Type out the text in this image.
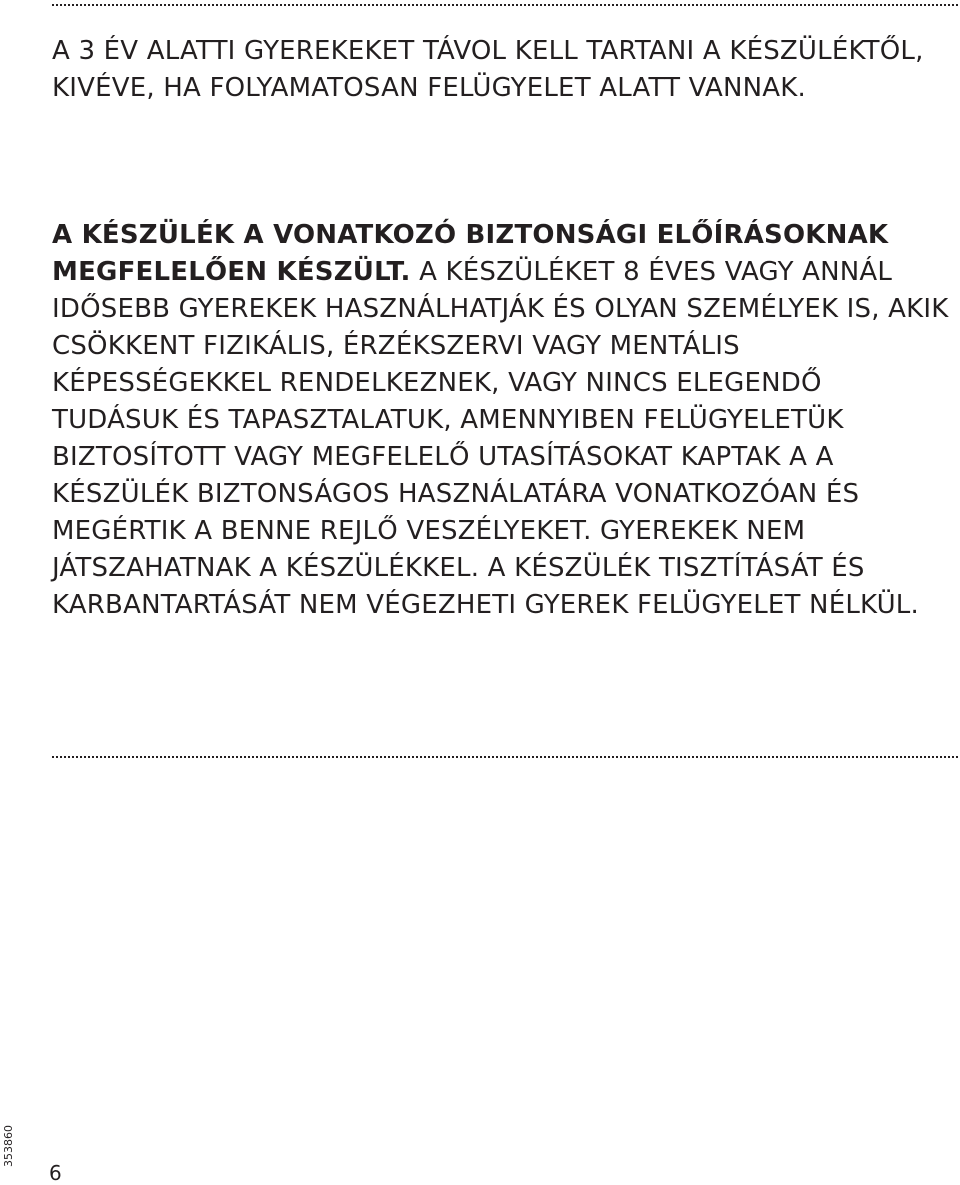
A 3 ÉV ALATTI GYEREKEKET TÁVOL KELL TARTANI A KÉSZÜLÉKTŐL, KIVÉVE, HA FOLYAMATOSAN FELÜGYELET ALATT VANNAK.

A KÉSZÜLÉK A VONATKOZÓ BIZTONSÁGI ELŐÍRÁSOKNAK MEGFELELŐEN KÉSZÜLT. A KÉSZÜLÉKET 8 ÉVES VAGY ANNÁL IDŐSEBB GYEREKEK HASZNÁLHATJÁK ÉS OLYAN SZEMÉLYEK IS, AKIK CSÖKKENT FIZIKÁLIS, ÉRZÉKSZERVI VAGY MENTÁLIS KÉPESSÉGEKKEL RENDELKEZNEK, VAGY NINCS ELEGENDŐ TUDÁSUK ÉS TAPASZTALATUK, AMENNYIBEN FELÜGYELETÜK BIZTOSÍTOTT VAGY MEGFELELŐ UTASÍTÁSOKAT KAPTAK A A KÉSZÜLÉK BIZTONSÁGOS HASZNÁLATÁRA VONATKOZÓAN ÉS MEGÉRTIK A BENNE REJLŐ VESZÉLYEKET. GYEREKEK NEM JÁTSZAHATNAK A KÉSZÜLÉKKEL. A KÉSZÜLÉK TISZTÍTÁSÁT ÉS KARBANTARTÁSÁT NEM VÉGEZHETI GYEREK FELÜGYELET NÉLKÜL.

353860
6
